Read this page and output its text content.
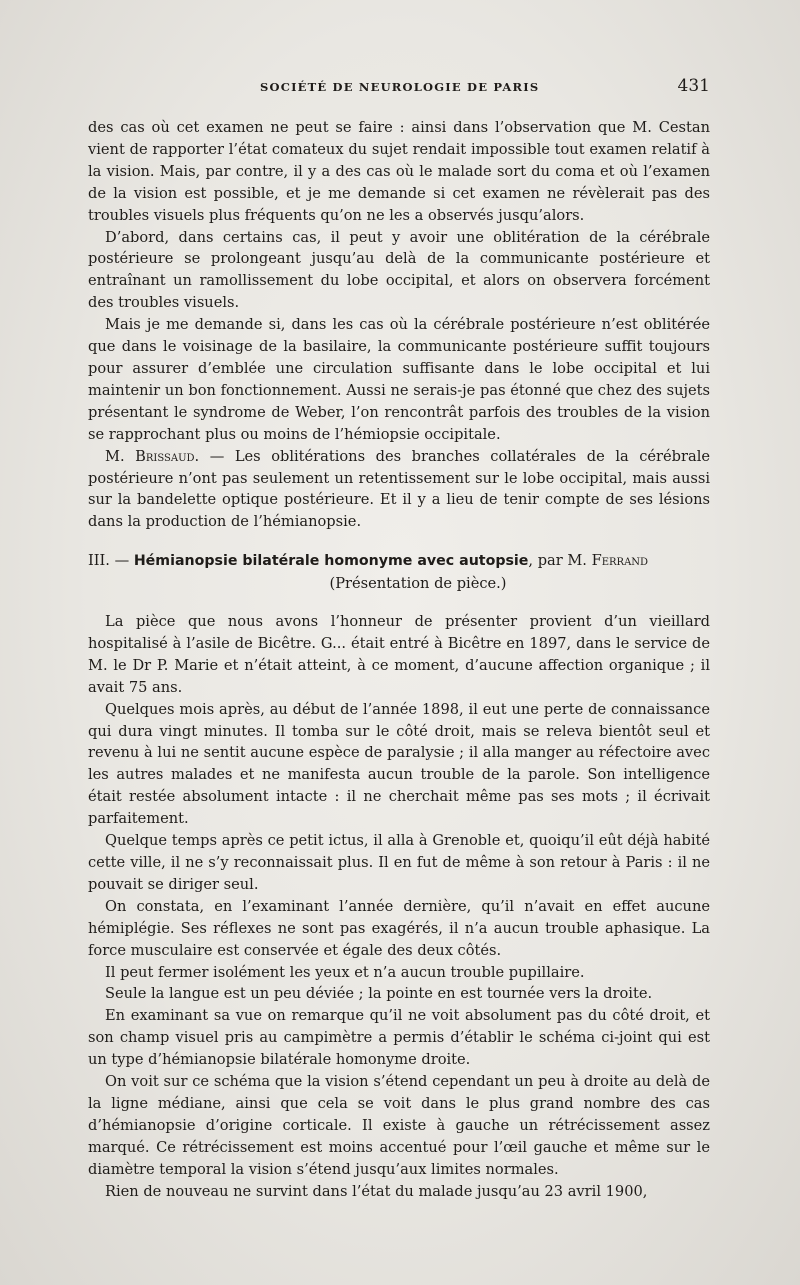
SOCIÉTÉ DE NEUROLOGIE DE PARIS	431

des cas où cet examen ne peut se faire : ainsi dans l’observation que M. Cestan vient de rapporter l’état comateux du sujet rendait impossible tout examen relatif à la vision. Mais, par contre, il y a des cas où le malade sort du coma et où l’examen de la vision est possible, et je me demande si cet examen ne révèlerait pas des troubles visuels plus fréquents qu’on ne les a observés jusqu’alors.

D’abord, dans certains cas, il peut y avoir une oblitération de la cérébrale postérieure se prolongeant jusqu’au delà de la communicante postérieure et entraînant un ramollissement du lobe occipital, et alors on observera forcément des troubles visuels.

Mais je me demande si, dans les cas où la cérébrale postérieure n’est oblitérée que dans le voisinage de la basilaire, la communicante postérieure suffit toujours pour assurer d’emblée une circulation suffisante dans le lobe occipital et lui maintenir un bon fonctionnement. Aussi ne serais-je pas étonné que chez des sujets présentant le syndrome de Weber, l’on rencontrât parfois des troubles de la vision se rapprochant plus ou moins de l’hémiopsie occipitale.

M. Brissaud. — Les oblitérations des branches collatérales de la cérébrale postérieure n’ont pas seulement un retentissement sur le lobe occipital, mais aussi sur la bandelette optique postérieure. Et il y a lieu de tenir compte de ses lésions dans la production de l’hémianopsie.

III. — Hémianopsie bilatérale homonyme avec autopsie, par M. Ferrand

(Présentation de pièce.)

La pièce que nous avons l’honneur de présenter provient d’un vieillard hospitalisé à l’asile de Bicêtre. G... était entré à Bicêtre en 1897, dans le service de M. le Dr P. Marie et n’était atteint, à ce moment, d’aucune affection organique ; il avait 75 ans.

Quelques mois après, au début de l’année 1898, il eut une perte de connaissance qui dura vingt minutes. Il tomba sur le côté droit, mais se releva bientôt seul et revenu à lui ne sentit aucune espèce de paralysie ; il alla manger au réfectoire avec les autres malades et ne manifesta aucun trouble de la parole. Son intelligence était restée absolument intacte : il ne cherchait même pas ses mots ; il écrivait parfaitement.

Quelque temps après ce petit ictus, il alla à Grenoble et, quoiqu’il eût déjà habité cette ville, il ne s’y reconnaissait plus. Il en fut de même à son retour à Paris : il ne pouvait se diriger seul.

On constata, en l’examinant l’année dernière, qu’il n’avait en effet aucune hémiplégie. Ses réflexes ne sont pas exagérés, il n’a aucun trouble aphasique. La force musculaire est conservée et égale des deux côtés.

Il peut fermer isolément les yeux et n’a aucun trouble pupillaire.

Seule la langue est un peu déviée ; la pointe en est tournée vers la droite.

En examinant sa vue on remarque qu’il ne voit absolument pas du côté droit, et son champ visuel pris au campimètre a permis d’établir le schéma ci-joint qui est un type d’hémianopsie bilatérale homonyme droite.

On voit sur ce schéma que la vision s’étend cependant un peu à droite au delà de la ligne médiane, ainsi que cela se voit dans le plus grand nombre des cas d’hémianopsie d’origine corticale. Il existe à gauche un rétrécissement assez marqué. Ce rétrécissement est moins accentué pour l’œil gauche et même sur le diamètre temporal la vision s’étend jusqu’aux limites normales.

Rien de nouveau ne survint dans l’état du malade jusqu’au 23 avril 1900,
